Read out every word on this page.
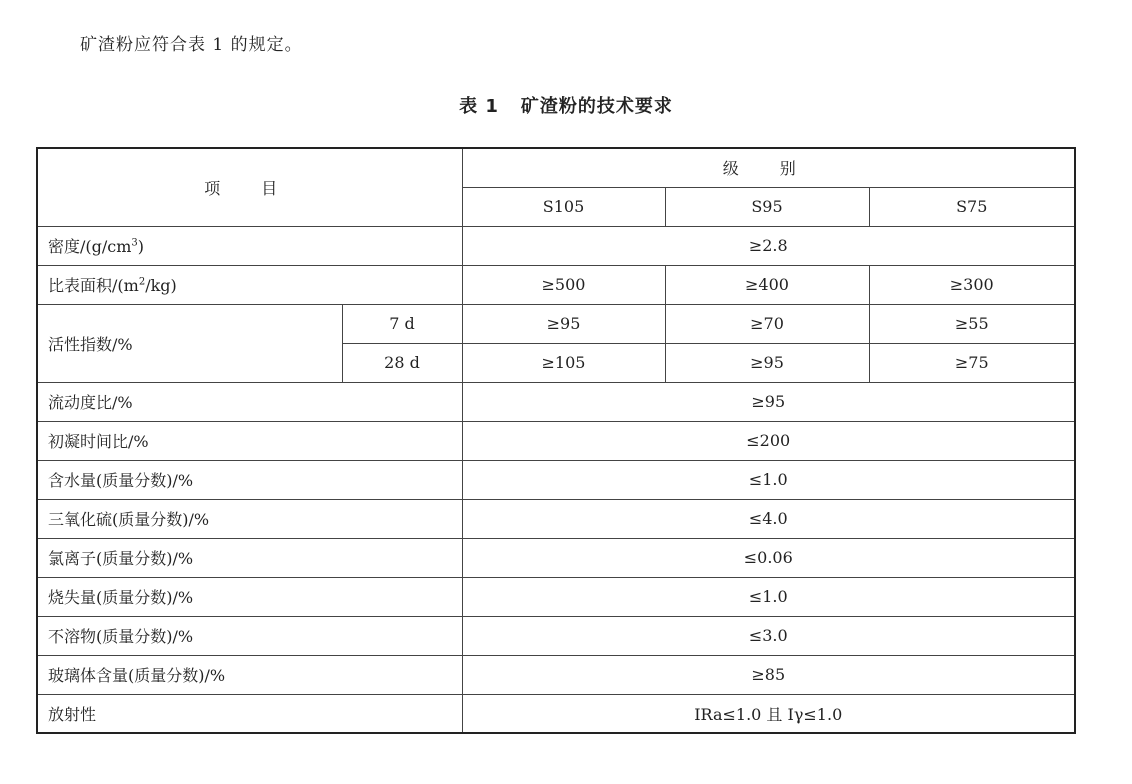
矿渣粉应符合表 1 的规定。
表 1 矿渣粉的技术要求
项 目		级 别		
		S105	S95	S75
密度$/(g/cm^3)$		≥2.8		
比表面积$/(m^2/kg)$		≥500	≥400	≥300
活性指数/%	7 d	≥95	≥70	≥55
	28 d	≥105	≥95	≥75
流动度比/%		≥95		
初凝时间比/%		≤200		
含水量(质量分数)/%		≤1.0		
三氧化硫(质量分数)/%		≤4.0		
氯离子(质量分数)/%		≤0.06		
烧失量(质量分数)/%		≤1.0		
不溶物(质量分数)/%		≤3.0		
玻璃体含量(质量分数)/%		≥85		
放射性		IRa≤1.0 且 Iγ≤1.0		
